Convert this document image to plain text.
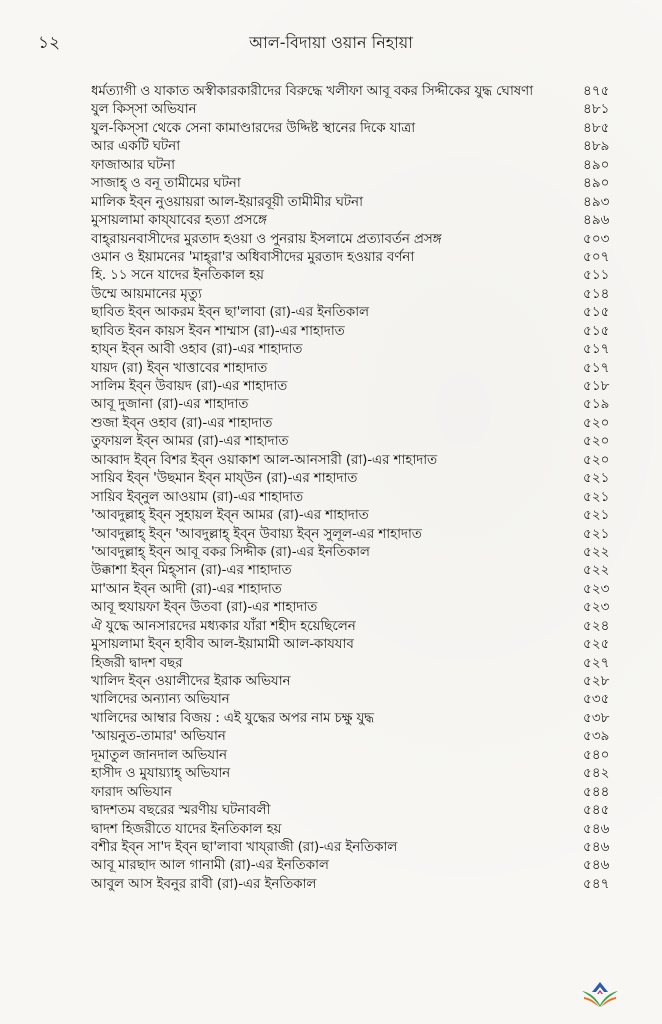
১২	আল-বিদায়া ওয়ান নিহায়া
ধর্মত্যাগী ও যাকাত অস্বীকারকারীদের বিরুদ্ধে খলীফা আবূ বকর সিদ্দীকের যুদ্ধ ঘোষণা	৪৭৫
যুল কিস্‌সা অভিযান	৪৮১
যুল-কিস্‌সা থেকে সেনা কামাণ্ডারদের উদ্দিষ্ট স্থানের দিকে যাত্রা	৪৮৫
আর একটি ঘটনা	৪৮৯
ফাজাআর ঘটনা	৪৯০
সাজাহ্‌ ও বনূ তামীমের ঘটনা	৪৯০
মালিক ইব্‌ন নুওয়ায়রা আল-ইয়ারবূয়ী তামীমীর ঘটনা	৪৯৩
মুসায়লামা কায্‌যাবের হত্যা প্রসঙ্গে	৪৯৬
বাহ্‌রায়নবাসীদের মুরতাদ হওয়া ও পুনরায় ইসলামে প্রত্যাবর্তন প্রসঙ্গ	৫০৩
ওমান ও ইয়ামনের 'মাহ্‌রা'র অধিবাসীদের মুরতাদ হওয়ার বর্ণনা	৫০৭
হি. ১১ সনে যাদের ইনতিকাল হয়	৫১১
উম্মে আয়মানের মৃত্যু	৫১৪
ছাবিত ইব্‌ন আকরম ইব্‌ন ছা'লাবা (রা)-এর ইনতিকাল	৫১৫
ছাবিত ইবন কায়স ইবন শাম্মাস (রা)-এর শাহাদাত	৫১৫
হায্‌ন ইব্‌ন আবী ওহাব (রা)-এর শাহাদাত	৫১৭
যায়দ (রা) ইব্‌ন খাত্তাবের শাহাদাত	৫১৭
সালিম ইব্‌ন উবায়দ (রা)-এর শাহাদাত	৫১৮
আবূ দুজানা (রা)-এর শাহাদাত	৫১৯
শুজা ইব্‌ন ওহাব (রা)-এর শাহাদাত	৫২০
তুফায়ল ইব্‌ন আমর (রা)-এর শাহাদাত	৫২০
আব্বাদ ইব্‌ন বিশর ইব্‌ন ওয়াকাশ আল-আনসারী (রা)-এর শাহাদাত	৫২০
সায়িব ইব্‌ন 'উছমান ইব্‌ন মায্‌উন (রা)-এর শাহাদাত	৫২১
সায়িব ইব্‌নুল আওয়াম (রা)-এর শাহাদাত	৫২১
'আবদুল্লাহ্‌ ইব্‌ন সুহায়ল ইব্‌ন আমর (রা)-এর শাহাদাত	৫২১
'আবদুল্লাহ্‌ ইব্‌ন 'আবদুল্লাহ্‌ ইব্‌ন উবায়্য ইব্‌ন সুলূল-এর শাহাদাত	৫২১
'আবদুল্লাহ্‌ ইব্‌ন আবূ বকর সিদ্দীক (রা)-এর ইনতিকাল	৫২২
উক্কাশা ইব্‌ন মিহ্‌সান (রা)-এর শাহাদাত	৫২২
মা'আন ইব্‌ন আদী (রা)-এর শাহাদাত	৫২৩
আবূ হুযায়ফা ইব্‌ন উতবা (রা)-এর শাহাদাত	৫২৩
ঐ যুদ্ধে আনসারদের মধ্যকার যাঁরা শহীদ হয়েছিলেন	৫২৪
মুসায়লামা ইব্‌ন হাবীব আল-ইয়ামামী আল-কাযযাব	৫২৫
হিজরী দ্বাদশ বছর	৫২৭
খালিদ ইব্‌ন ওয়ালীদের ইরাক অভিযান	৫২৮
খালিদের অন্যান্য অভিযান	৫৩৫
খালিদের আম্বার বিজয় : এই যুদ্ধের অপর নাম চক্ষু যুদ্ধ	৫৩৮
'আয়নুত-তামার' অভিযান	৫৩৯
দূমাতুল জানদাল অভিযান	৫৪০
হাসীদ ও মুযায়্যাহ্‌ অভিযান	৫৪২
ফারাদ অভিযান	৫৪৪
দ্বাদশতম বছরের স্মরণীয় ঘটনাবলী	৫৪৫
দ্বাদশ হিজরীতে যাদের ইনতিকাল হয়	৫৪৬
বশীর ইব্‌ন সা'দ ইব্‌ন ছা'লাবা খায্‌রাজী (রা)-এর ইনতিকাল	৫৪৬
আবূ মারছাদ আল গানামী (রা)-এর ইনতিকাল	৫৪৬
আবুল আস ইবনুর রাবী (রা)-এর ইনতিকাল	৫৪৭
